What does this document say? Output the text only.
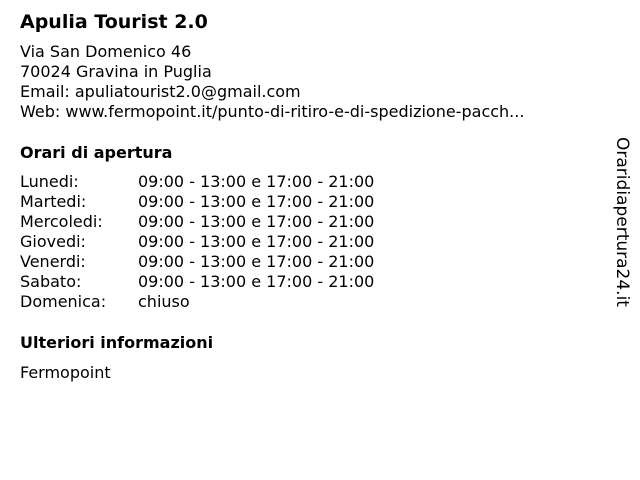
Apulia Tourist 2.0
Via San Domenico 46
70024 Gravina in Puglia
Email: apuliatourist2.0@gmail.com
Web: www.fermopoint.it/punto-di-ritiro-e-di-spedizione-pacch...
Orari di apertura
Lunedi:	09:00 - 13:00 e 17:00 - 21:00
Martedi:	09:00 - 13:00 e 17:00 - 21:00
Mercoledi:	09:00 - 13:00 e 17:00 - 21:00
Giovedi:	09:00 - 13:00 e 17:00 - 21:00
Venerdi:	09:00 - 13:00 e 17:00 - 21:00
Sabato:	09:00 - 13:00 e 17:00 - 21:00
Domenica:	chiuso
Ulteriori informazioni
Fermopoint
Oraridiapertura24.it
